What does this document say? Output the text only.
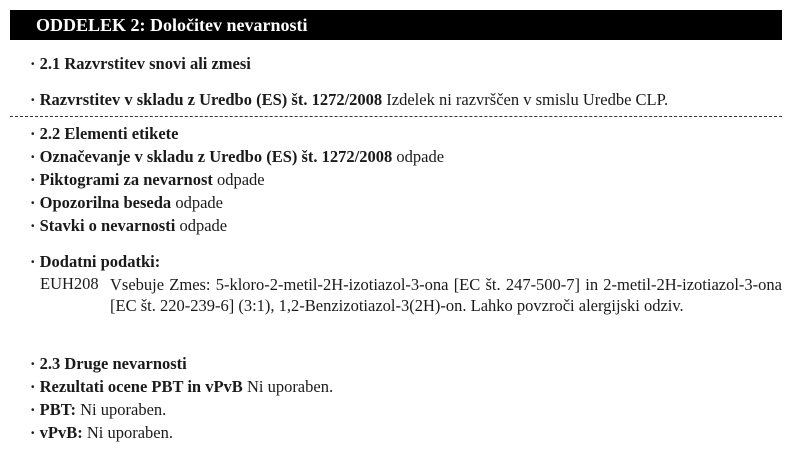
ODDELEK 2: Določitev nevarnosti
· 2.1 Razvrstitev snovi ali zmesi
· Razvrstitev v skladu z Uredbo (ES) št. 1272/2008 Izdelek ni razvrščen v smislu Uredbe CLP.
· 2.2 Elementi etikete
· Označevanje v skladu z Uredbo (ES) št. 1272/2008 odpade
· Piktogrami za nevarnost odpade
· Opozorilna beseda odpade
· Stavki o nevarnosti odpade
· Dodatni podatki:
EUH208 Vsebuje Zmes: 5-kloro-2-metil-2H-izotiazol-3-ona [EC št. 247-500-7] in 2-metil-2H-izotiazol-3-ona [EC št. 220-239-6] (3:1), 1,2-Benzizotiazol-3(2H)-on. Lahko povzroči alergijski odziv.
· 2.3 Druge nevarnosti
· Rezultati ocene PBT in vPvB Ni uporaben.
· PBT: Ni uporaben.
· vPvB: Ni uporaben.
